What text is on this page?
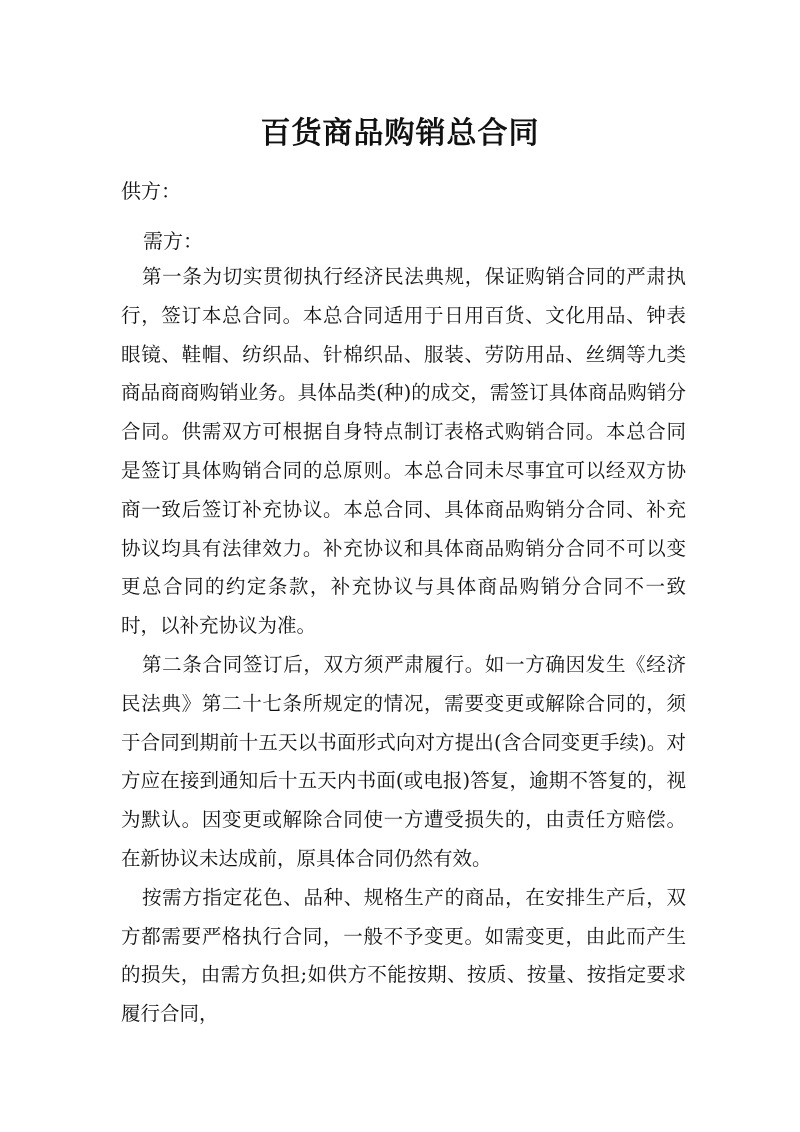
百货商品购销总合同
供方：
需方：

第一条为切实贯彻执行经济民法典规，保证购销合同的严肃执行，签订本总合同。本总合同适用于日用百货、文化用品、钟表眼镜、鞋帽、纺织品、针棉织品、服装、劳防用品、丝绸等九类商品商商购销业务。具体品类(种)的成交，需签订具体商品购销分合同。供需双方可根据自身特点制订表格式购销合同。本总合同是签订具体购销合同的总原则。本总合同未尽事宜可以经双方协商一致后签订补充协议。本总合同、具体商品购销分合同、补充协议均具有法律效力。补充协议和具体商品购销分合同不可以变更总合同的约定条款，补充协议与具体商品购销分合同不一致时，以补充协议为准。

第二条合同签订后，双方须严肃履行。如一方确因发生《经济民法典》第二十七条所规定的情况，需要变更或解除合同的，须于合同到期前十五天以书面形式向对方提出(含合同变更手续)。对方应在接到通知后十五天内书面(或电报)答复，逾期不答复的，视为默认。因变更或解除合同使一方遭受损失的，由责任方赔偿。在新协议未达成前，原具体合同仍然有效。

按需方指定花色、品种、规格生产的商品，在安排生产后，双方都需要严格执行合同，一般不予变更。如需变更，由此而产生的损失，由需方负担;如供方不能按期、按质、按量、按指定要求履行合同，
